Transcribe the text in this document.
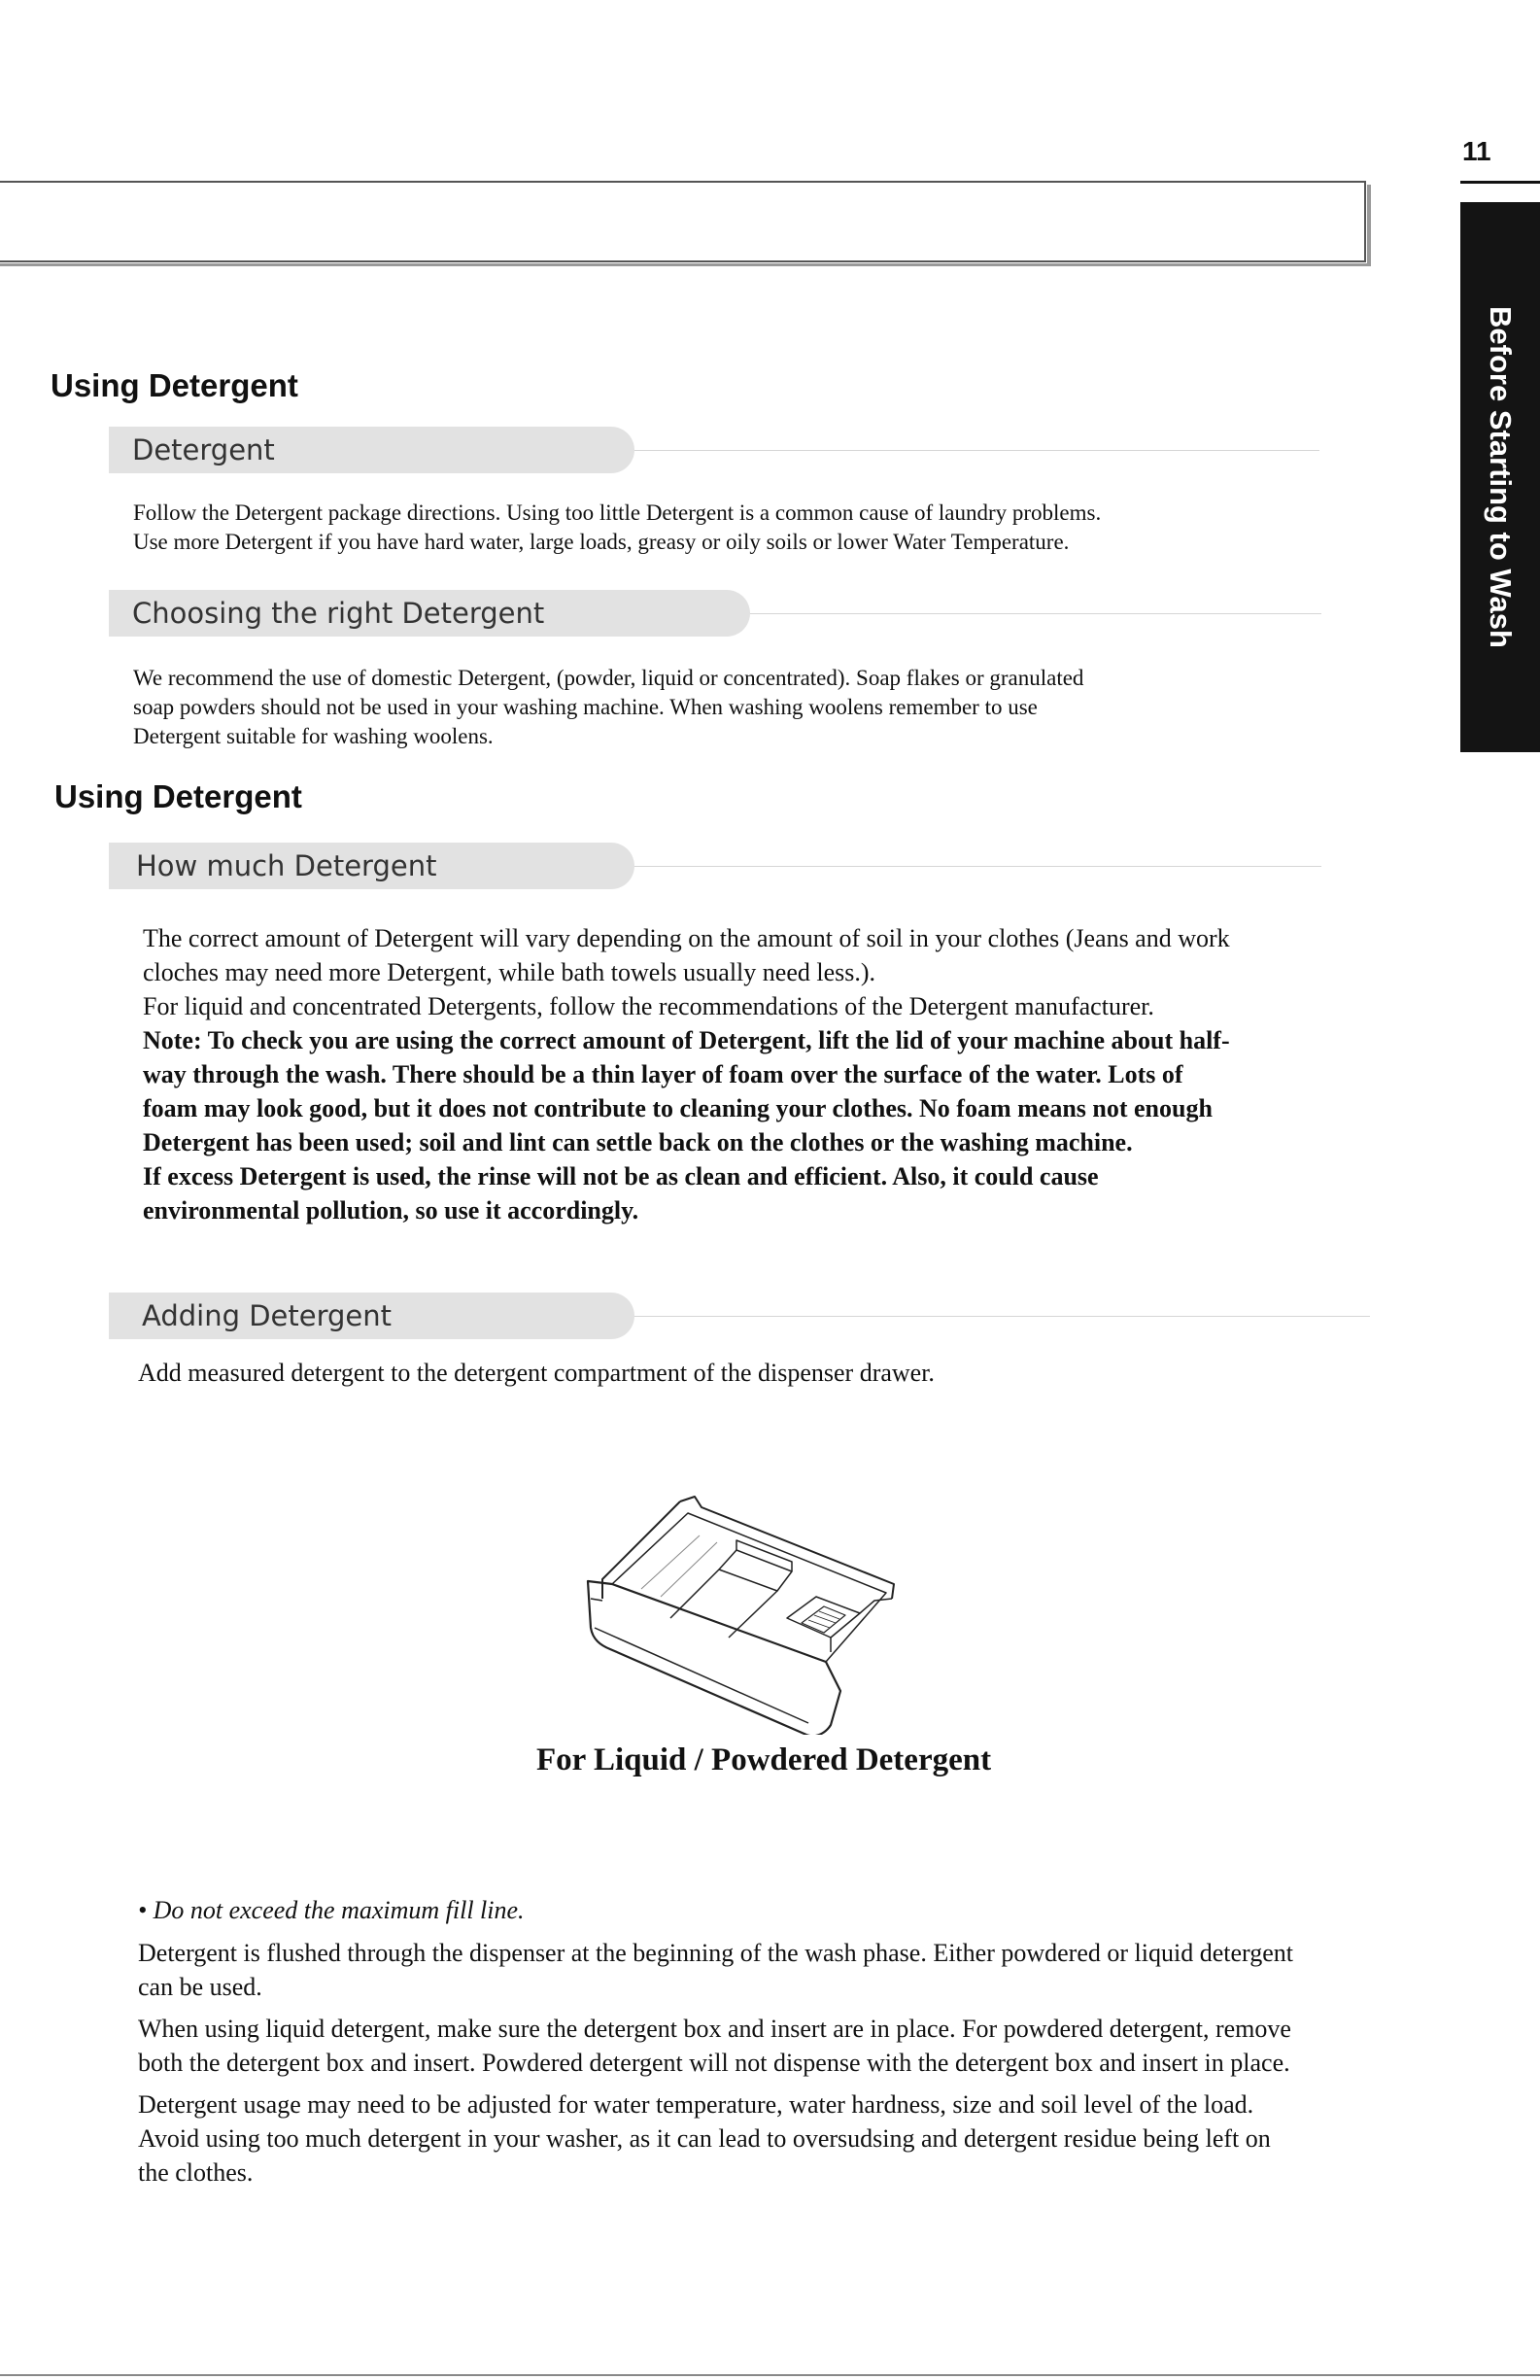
11
Before Starting to Wash
Using Detergent
Detergent
Follow the Detergent package directions. Using too little Detergent is a common cause of laundry problems.
Use more Detergent if you have hard water, large loads, greasy or oily soils or lower Water Temperature.
Choosing the right Detergent
We recommend the use of domestic Detergent, (powder, liquid or concentrated). Soap flakes or granulated
soap powders should not be used in your washing machine. When washing woolens remember to use
Detergent suitable for washing woolens.
Using Detergent
How much Detergent
The correct amount of Detergent will vary depending on the amount of soil in your clothes (Jeans and work
cloches may need more Detergent, while bath towels usually need less.).
For liquid and concentrated Detergents, follow the recommendations of the Detergent manufacturer.
Note: To check you are using the correct amount of Detergent, lift the lid of your machine about half-
way through the wash. There should be a thin layer of foam over the surface of the water. Lots of
foam may look good, but it does not contribute to cleaning your clothes. No foam means not enough
Detergent has been used; soil and lint can settle back on the clothes or the washing machine.
If excess Detergent is used, the rinse will not be as clean and efficient. Also, it could cause
environmental pollution, so use it accordingly.
Adding Detergent
Add measured detergent to the detergent compartment of the dispenser drawer.
For Liquid / Powdered Detergent
• Do not exceed the maximum fill line.
Detergent is flushed through the dispenser at the beginning of the wash phase. Either powdered or liquid detergent
can be used.
When using liquid detergent, make sure the detergent box and insert are in place. For powdered detergent, remove
both the detergent box and insert. Powdered detergent will not dispense with the detergent box and insert in place.
Detergent usage may need to be adjusted for water temperature, water hardness, size and soil level of the load.
Avoid using too much detergent in your washer, as it can lead to oversudsing and detergent residue being left on
the clothes.
